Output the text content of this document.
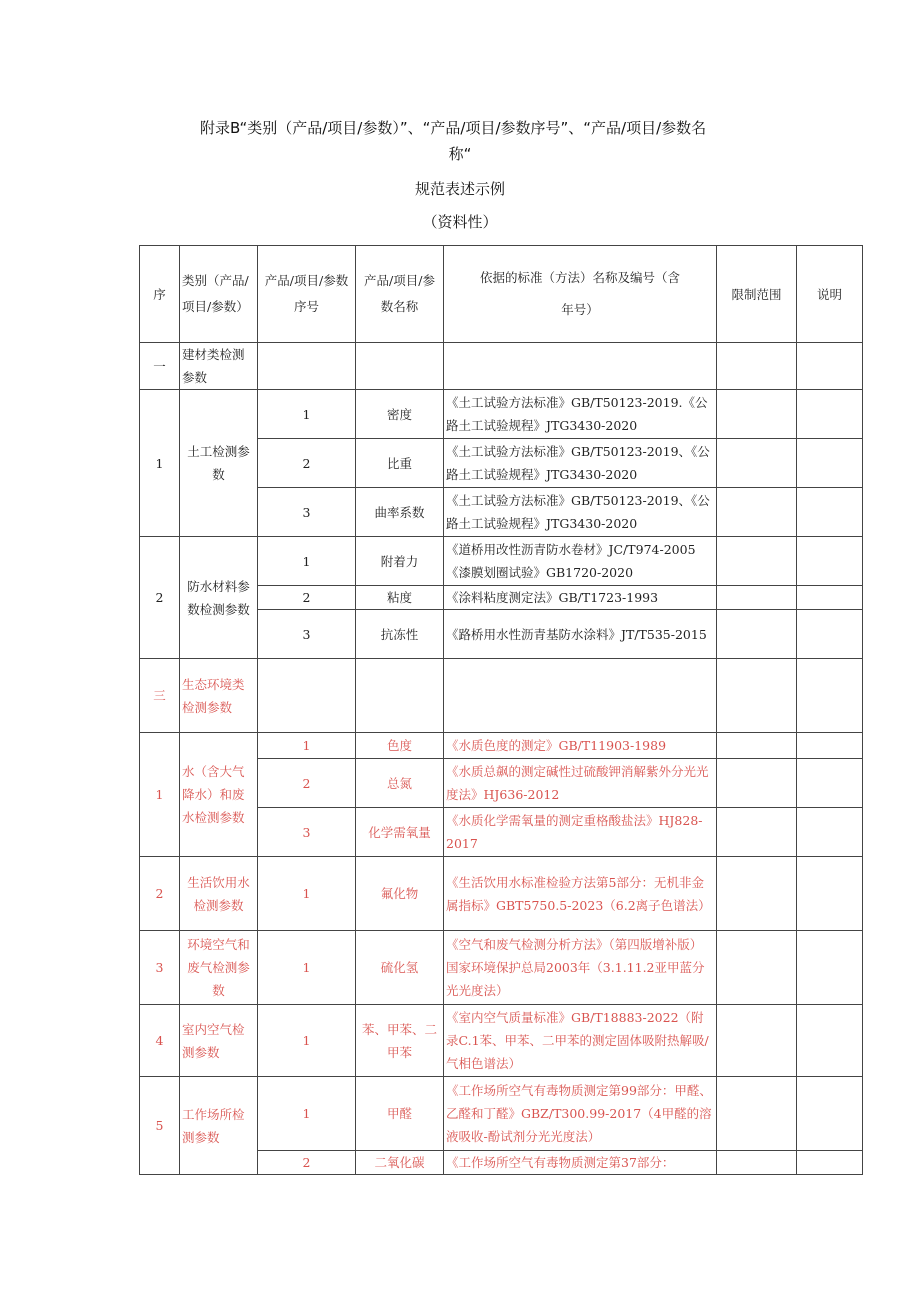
附录B“类别（产品/项目/参数）”、“产品/项目/参数序号”、“产品/项目/参数名
称“
规范表述示例
（资料性）
序	类别（产品/项目/参数）	产品/项目/参数序号	产品/项目/参数名称	依据的标准（方法）名称及编号（含年号）	限制范围	说明
一	建材类检测参数					
1	土工检测参数	1	密度	《土工试验方法标准》GB/T50123-2019.《公路土工试验规程》JTG3430-2020		
		2	比重	《土工试验方法标准》GB/T50123-2019、《公路土工试验规程》JTG3430-2020		
		3	曲率系数	《土工试验方法标准》GB/T50123-2019、《公路土工试验规程》JTG3430-2020		
2	防水材料参数检测参数	1	附着力	《道桥用改性沥青防水卷材》JC/T974-2005《漆膜划圈试验》GB1720-2020		
		2	粘度	《涂料粘度测定法》GB/T1723-1993		
		3	抗冻性	《路桥用水性沥青基防水涂料》JT/T535-2015		
三	生态环境类检测参数					
1	水（含大气降水）和废水检测参数	1	色度	《水质色度的测定》GB/T11903-1989		
		2	总氮	《水质总飙的测定碱性过硫酸钾消解紫外分光光度法》HJ636-2012		
		3	化学需氧量	《水质化学需氧量的测定重格酸盐法》HJ828-2017		
2	生活饮用水检测参数	1	氟化物	《生活饮用水标准检验方法第5部分：无机非金属指标》GBT5750.5-2023（6.2离子色谱法）		
3	环境空气和废气检测参数	1	硫化氢	《空气和废气检测分析方法》（第四版增补版）国家环境保护总局2003年（3.1.11.2亚甲蓝分光光度法）		
4	室内空气检测参数	1	苯、甲苯、二甲苯	《室内空气质量标准》GB/T18883-2022（附录C.1苯、甲苯、二甲苯的测定固体吸附热解吸/气相色谱法）		
5	工作场所检测参数	1	甲醛	《工作场所空气有毒物质测定第99部分：甲醛、乙醛和丁醛》GBZ/T300.99-2017（4甲醛的溶液吸收-酚试剂分光光度法）		
		2	二氧化碳	《工作场所空气有毒物质测定第37部分：		
